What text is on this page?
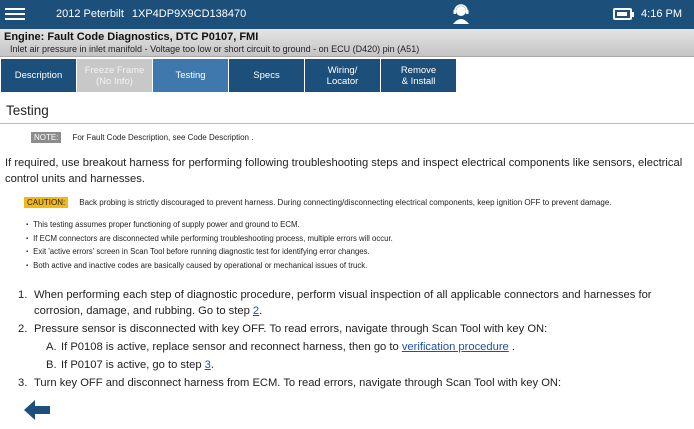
2012 Peterbilt 1XP4DP9X9CD138470	4:16 PM
Engine: Fault Code Diagnostics, DTC P0107, FMI
Inlet air pressure in inlet manifold - Voltage too low or short circuit to ground - on ECU (D420) pin (A51)
Description Freeze Frame
(No Info)	Testing	Specs	Wiring/
Locator
Remove
& Install
Testing
NOTE:	For Fault Code Description, see Code Description .
If required, use breakout harness for performing following troubleshooting steps and inspect electrical components like sensors, electrical control units and harnesses.
CAUTION:	Back probing is strictly discouraged to prevent harness. During connecting/disconnecting electrical components, keep ignition OFF to prevent damage.
▪ This testing assumes proper functioning of supply power and ground to ECM.
▪ If ECM connectors are disconnected while performing troubleshooting process, multiple errors will occur.
▪ Exit 'active errors' screen in Scan Tool before running diagnostic test for identifying error changes.
▪ Both active and inactive codes are basically caused by operational or mechanical issues of truck.
1. When performing each step of diagnostic procedure, perform visual inspection of all applicable connectors and harnesses for corrosion, damage, and rubbing. Go to step 2.
2. Pressure sensor is disconnected with key OFF. To read errors, navigate through Scan Tool with key ON:
A. If P0108 is active, replace sensor and reconnect harness, then go to verification procedure .
B. If P0107 is active, go to step 3.
3. Turn key OFF and disconnect harness from ECM. To read errors, navigate through Scan Tool with key ON:
